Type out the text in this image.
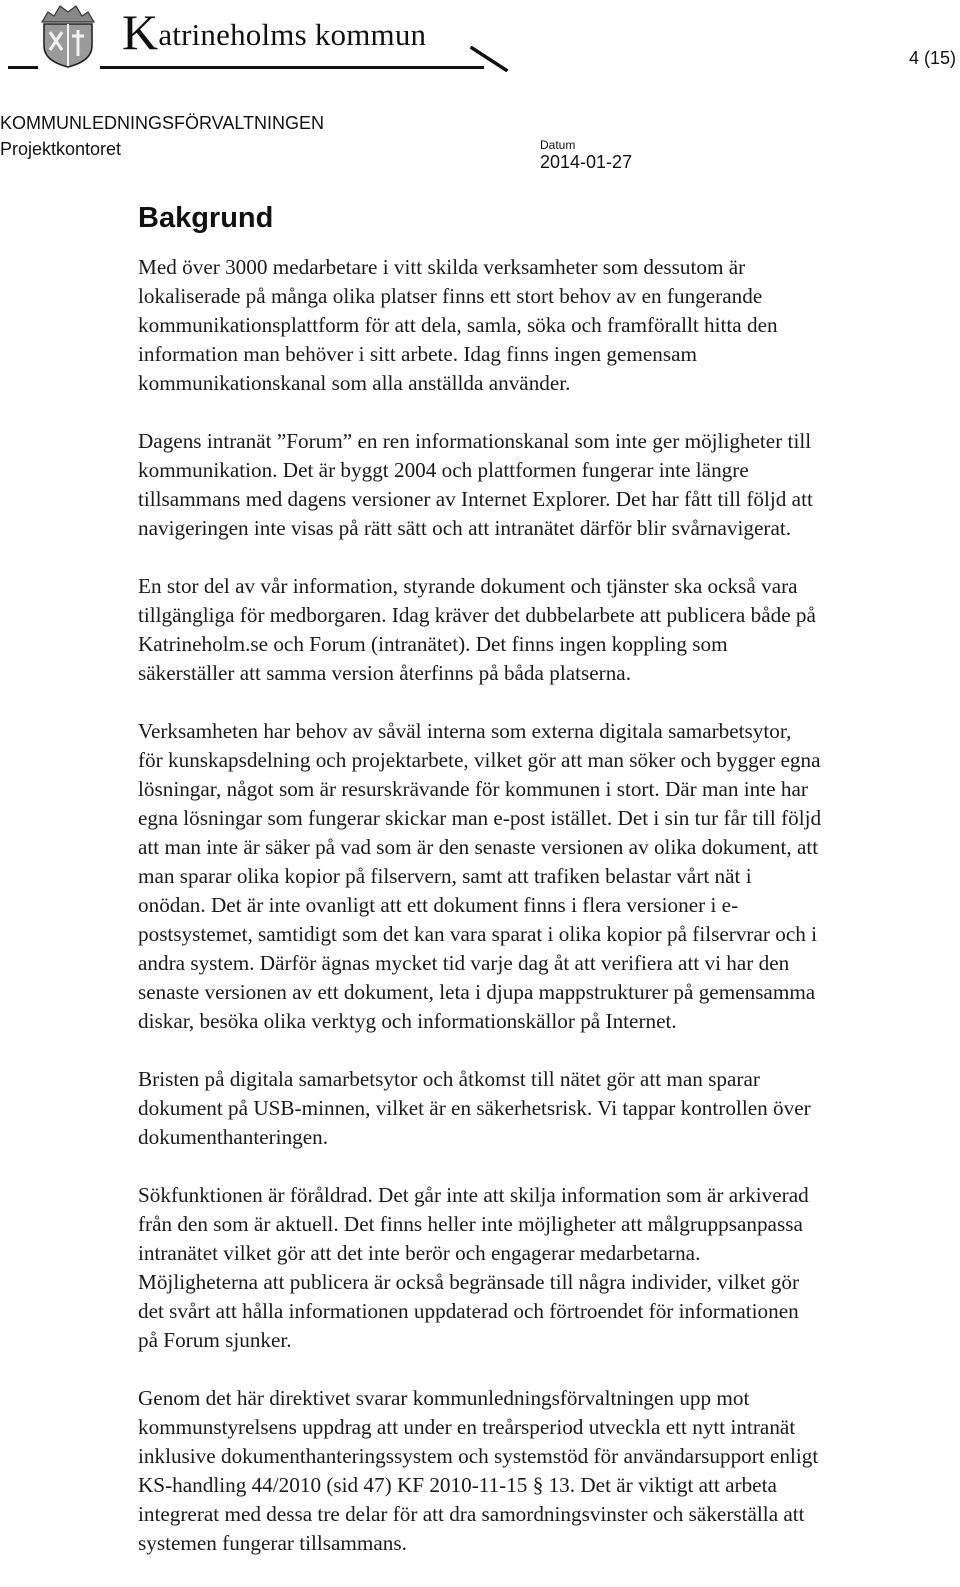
Katrineholms kommun
4 (15)
KOMMUNLEDNINGSFÖRVALTNINGEN
Projektkontoret	Datum
2014-01-27
Bakgrund

Med över 3000 medarbetare i vitt skilda verksamheter som dessutom är
lokaliserade på många olika platser finns ett stort behov av en fungerande
kommunikationsplattform för att dela, samla, söka och framförallt hitta den
information man behöver i sitt arbete. Idag finns ingen gemensam
kommunikationskanal som alla anställda använder.

Dagens intranät ”Forum” en ren informationskanal som inte ger möjligheter till
kommunikation. Det är byggt 2004 och plattformen fungerar inte längre
tillsammans med dagens versioner av Internet Explorer. Det har fått till följd att
navigeringen inte visas på rätt sätt och att intranätet därför blir svårnavigerat.

En stor del av vår information, styrande dokument och tjänster ska också vara
tillgängliga för medborgaren. Idag kräver det dubbelarbete att publicera både på
Katrineholm.se och Forum (intranätet). Det finns ingen koppling som
säkerställer att samma version återfinns på båda platserna.

Verksamheten har behov av såväl interna som externa digitala samarbetsytor,
för kunskapsdelning och projektarbete, vilket gör att man söker och bygger egna
lösningar, något som är resurskrävande för kommunen i stort. Där man inte har
egna lösningar som fungerar skickar man e-post istället. Det i sin tur får till följd
att man inte är säker på vad som är den senaste versionen av olika dokument, att
man sparar olika kopior på filservern, samt att trafiken belastar vårt nät i
onödan. Det är inte ovanligt att ett dokument finns i flera versioner i e-
postsystemet, samtidigt som det kan vara sparat i olika kopior på filservrar och i
andra system. Därför ägnas mycket tid varje dag åt att verifiera att vi har den
senaste versionen av ett dokument, leta i djupa mappstrukturer på gemensamma
diskar, besöka olika verktyg och informationskällor på Internet.

Bristen på digitala samarbetsytor och åtkomst till nätet gör att man sparar
dokument på USB-minnen, vilket är en säkerhetsrisk. Vi tappar kontrollen över
dokumenthanteringen.

Sökfunktionen är föråldrad. Det går inte att skilja information som är arkiverad
från den som är aktuell. Det finns heller inte möjligheter att målgruppsanpassa
intranätet vilket gör att det inte berör och engagerar medarbetarna.
Möjligheterna att publicera är också begränsade till några individer, vilket gör
det svårt att hålla informationen uppdaterad och förtroendet för informationen
på Forum sjunker.

Genom det här direktivet svarar kommunledningsförvaltningen upp mot
kommunstyrelsens uppdrag att under en treårsperiod utveckla ett nytt intranät
inklusive dokumenthanteringssystem och systemstöd för användarsupport enligt
KS-handling 44/2010 (sid 47) KF 2010-11-15 § 13. Det är viktigt att arbeta
integrerat med dessa tre delar för att dra samordningsvinster och säkerställa att
systemen fungerar tillsammans.
